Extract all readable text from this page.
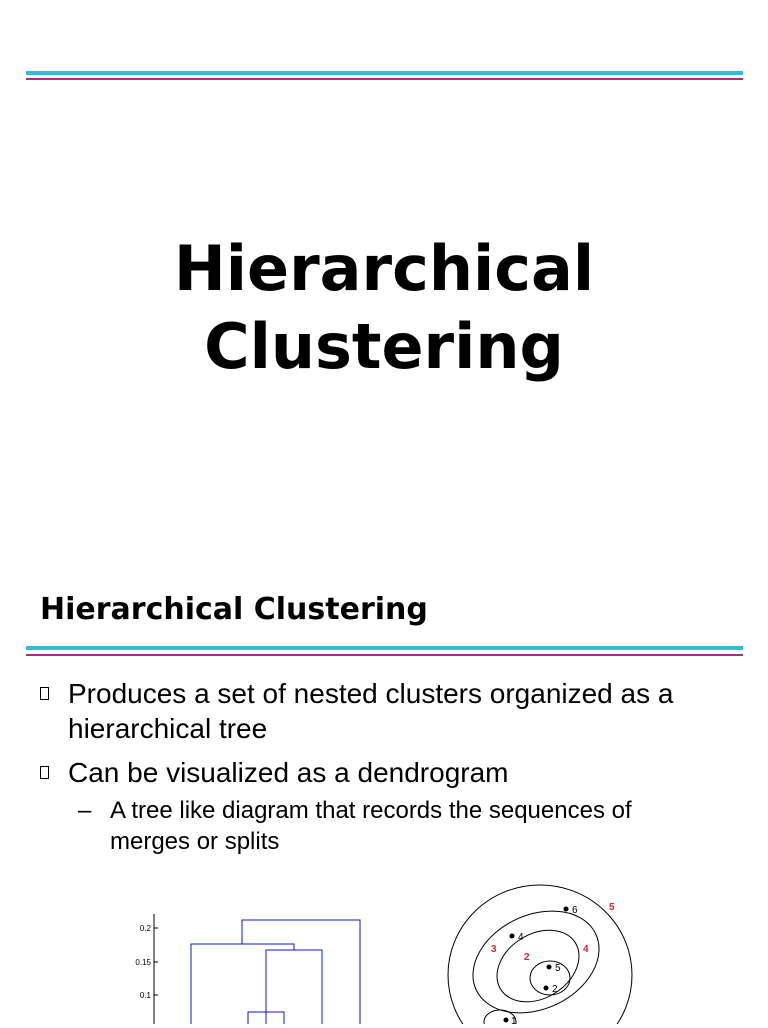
Hierarchical
Clustering
Hierarchical Clustering
Produces a set of nested clusters organized as a
hierarchical tree
Can be visualized as a dendrogram
– A tree like diagram that records the sequences of
merges or splits
0.2
0.15
0.1
6
4
5
2
1
5
3	4
2
